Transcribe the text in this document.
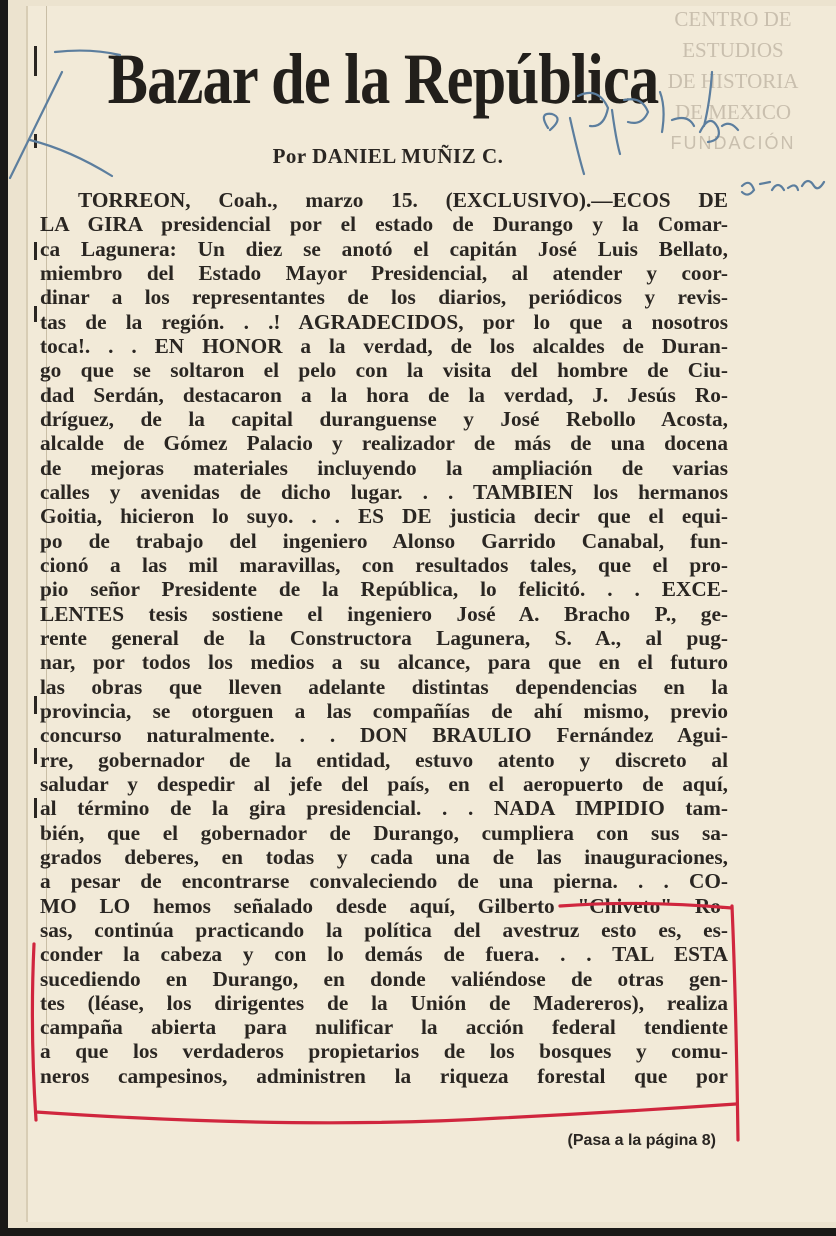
Bazar de la República
Por DANIEL MUÑIZ C.
TORREON, Coah., marzo 15. (EXCLUSIVO).—ECOS DE
LA GIRA presidencial por el estado de Durango y la Comar-
ca Lagunera: Un diez se anotó el capitán José Luis Bellato,
miembro del Estado Mayor Presidencial, al atender y coor-
dinar a los representantes de los diarios, periódicos y revis-
tas de la región. . .! AGRADECIDOS, por lo que a nosotros
toca!. . . EN HONOR a la verdad, de los alcaldes de Duran-
go que se soltaron el pelo con la visita del hombre de Ciu-
dad Serdán, destacaron a la hora de la verdad, J. Jesús Ro-
dríguez, de la capital duranguense y José Rebollo Acosta,
alcalde de Gómez Palacio y realizador de más de una docena
de mejoras materiales incluyendo la ampliación de varias
calles y avenidas de dicho lugar. . . TAMBIEN los hermanos
Goitia, hicieron lo suyo. . . ES DE justicia decir que el equi-
po de trabajo del ingeniero Alonso Garrido Canabal, fun-
cionó a las mil maravillas, con resultados tales, que el pro-
pio señor Presidente de la República, lo felicitó. . . EXCE-
LENTES tesis sostiene el ingeniero José A. Bracho P., ge-
rente general de la Constructora Lagunera, S. A., al pug-
nar, por todos los medios a su alcance, para que en el futuro
las obras que lleven adelante distintas dependencias en la
provincia, se otorguen a las compañías de ahí mismo, previo
concurso naturalmente. . . DON BRAULIO Fernández Agui-
rre, gobernador de la entidad, estuvo atento y discreto al
saludar y despedir al jefe del país, en el aeropuerto de aquí,
al término de la gira presidencial. . . NADA IMPIDIO tam-
bién, que el gobernador de Durango, cumpliera con sus sa-
grados deberes, en todas y cada una de las inauguraciones,
a pesar de encontrarse convaleciendo de una pierna. . . CO-
MO LO hemos señalado desde aquí, Gilberto "Chiveto" Ro-
sas, continúa practicando la política del avestruz esto es, es-
conder la cabeza y con lo demás de fuera. . . TAL ESTA
sucediendo en Durango, en donde valiéndose de otras gen-
tes (léase, los dirigentes de la Unión de Madereros), realiza
campaña abierta para nulificar la acción federal tendiente
a que los verdaderos propietarios de los bosques y comu-
neros campesinos, administren la riqueza forestal que por
(Pasa a la página 8)
CENTRO DE
ESTUDIOS
DE HISTORIA
DE MEXICO
FUNDACIÓN
